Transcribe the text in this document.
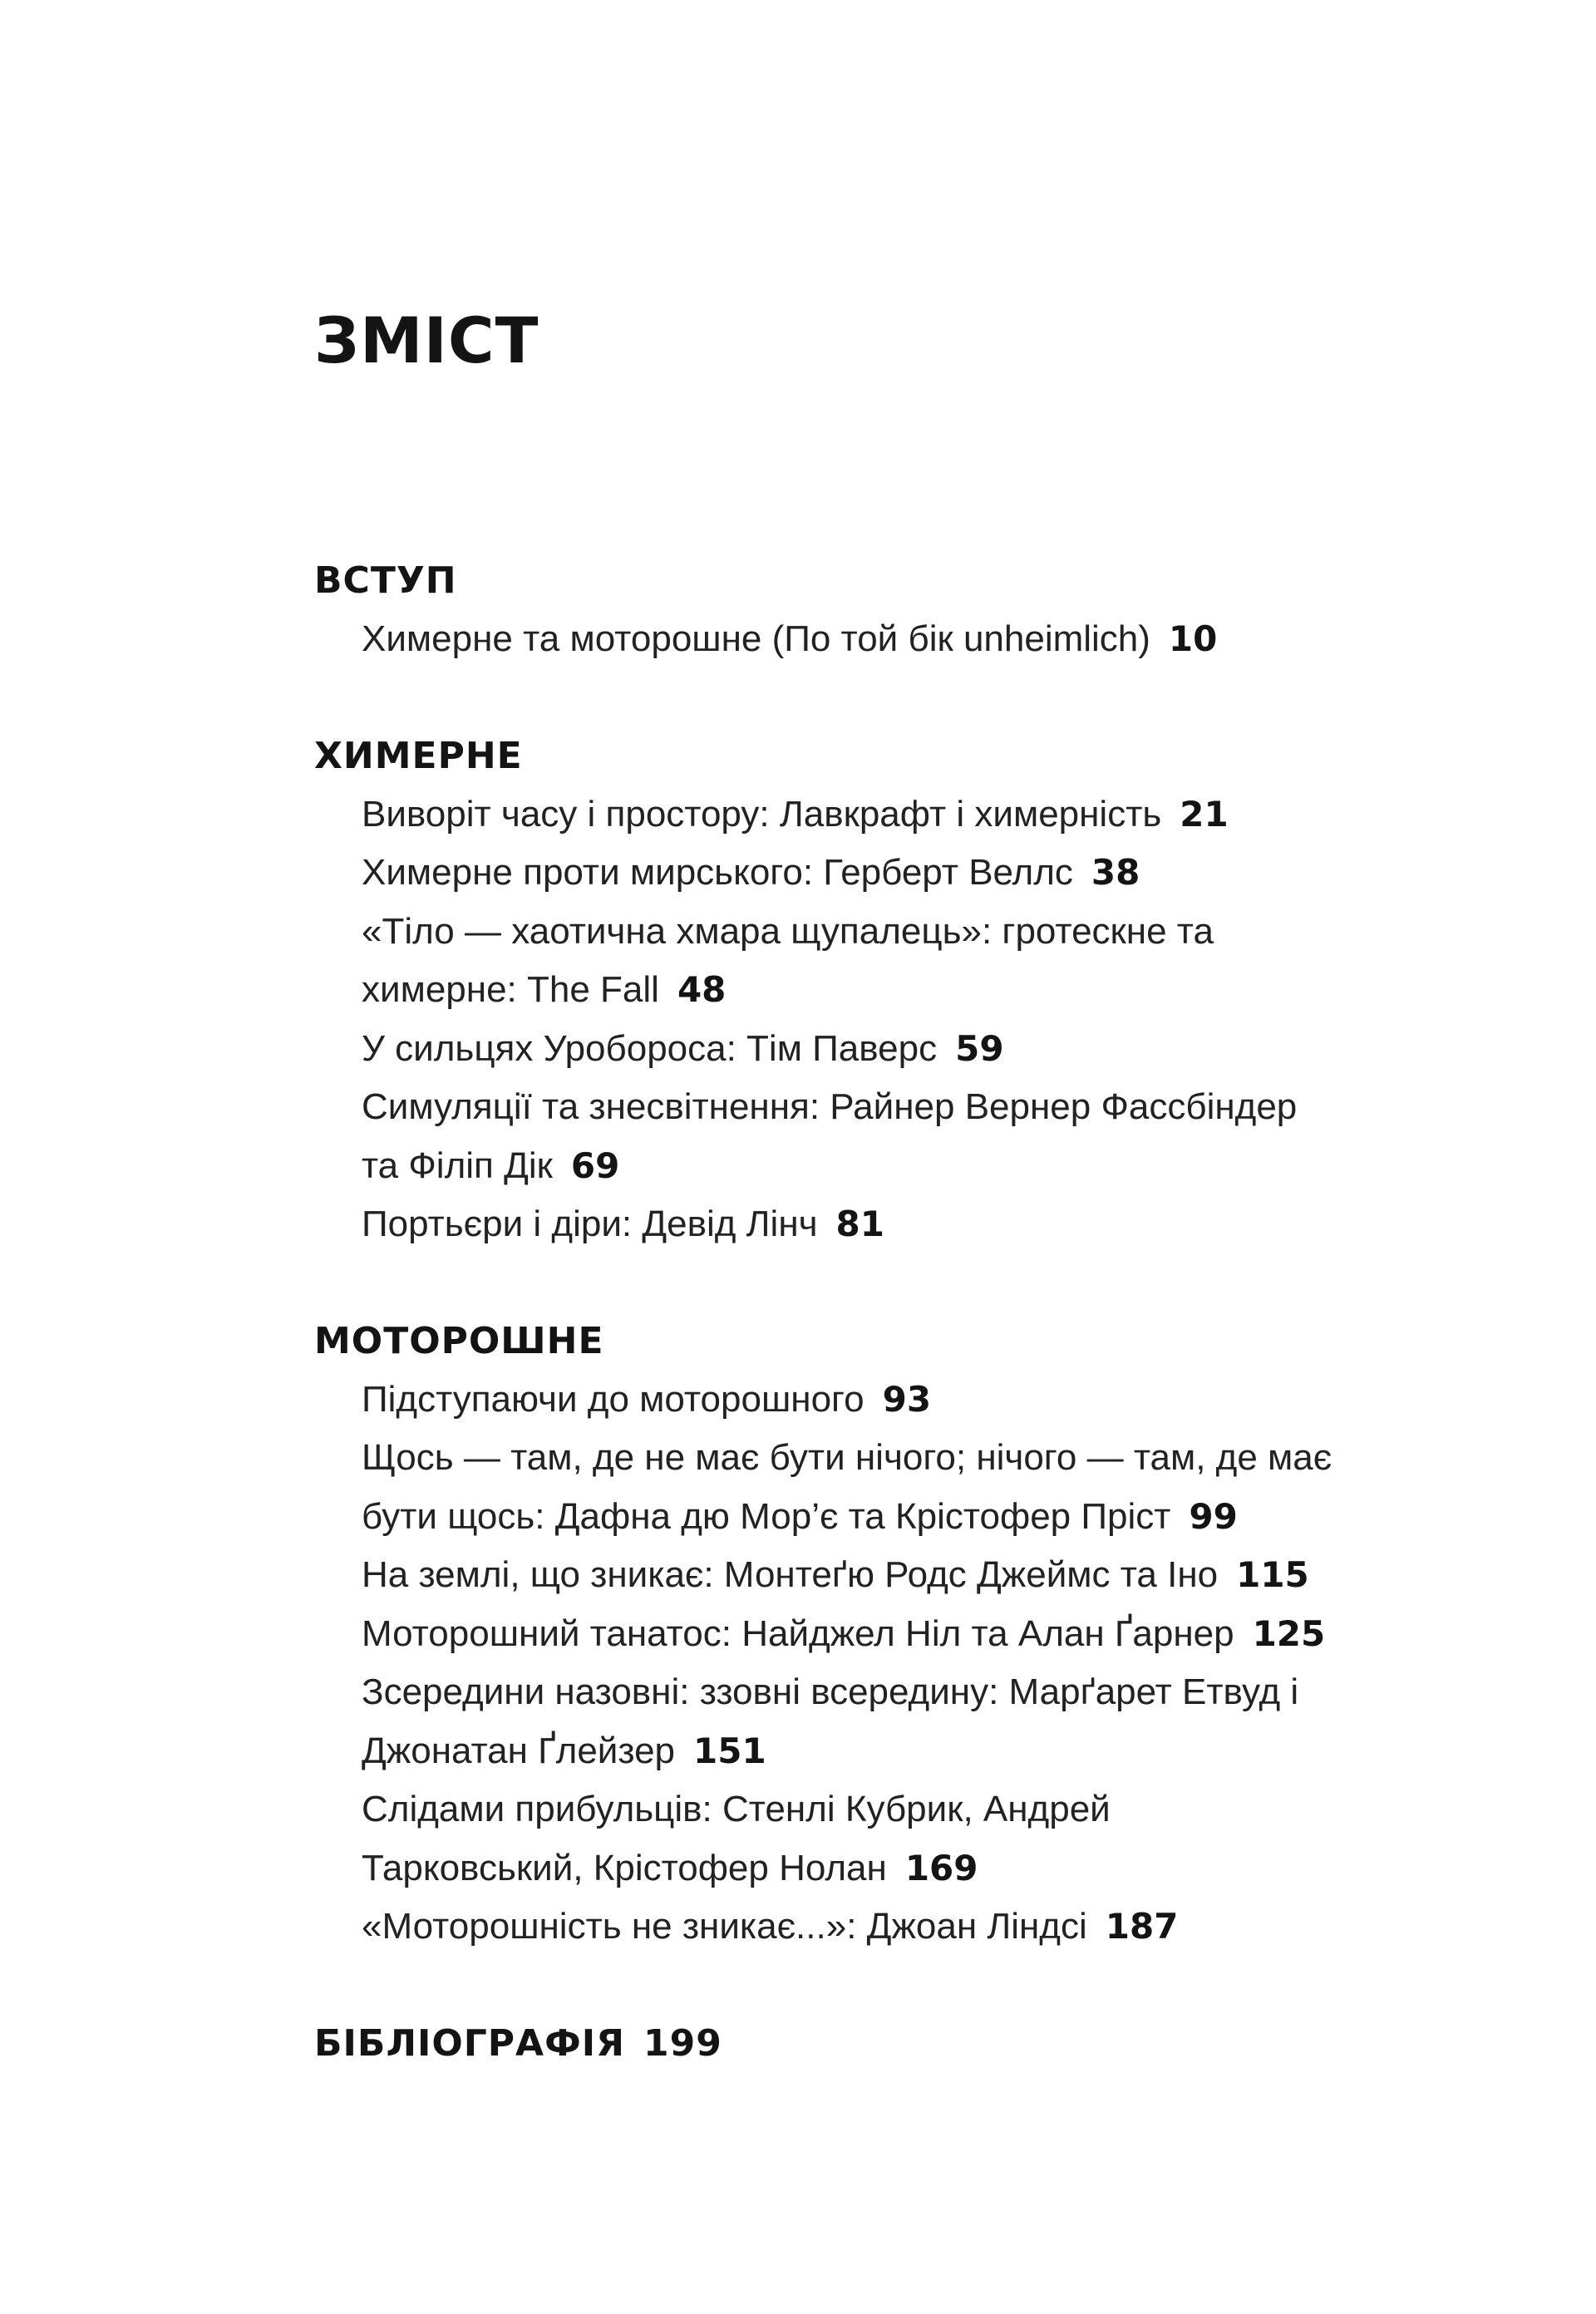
ЗМІСТ
ВСТУП
Химерне та моторошне (По той бік unheimlich) 10
ХИМЕРНЕ
Виворіт часу і простору: Лавкрафт і химерність 21
Химерне проти мирського: Герберт Веллс 38
«Тіло — хаотична хмара щупалець»: гротескне та
химерне: The Fall 48
У сильцях Уробороса: Тім Паверс 59
Симуляції та знесвітнення: Райнер Вернер Фассбіндер
та Філіп Дік 69
Портьєри і діри: Девід Лінч 81
МОТОРОШНЕ
Підступаючи до моторошного 93
Щось — там, де не має бути нічого; нічого — там, де має
бути щось: Дафна дю Мор’є та Крістофер Пріст 99
На землі, що зникає: Монтеґю Родс Джеймс та Іно 115
Моторошний танатос: Найджел Ніл та Алан Ґарнер 125
Зсередини назовні: ззовні всередину: Марґарет Етвуд і
Джонатан Ґлейзер 151
Слідами прибульців: Стенлі Кубрик, Андрей
Тарковський, Крістофер Нолан 169
«Моторошність не зникає...»: Джоан Ліндсі 187
БІБЛІОГРАФІЯ 199
